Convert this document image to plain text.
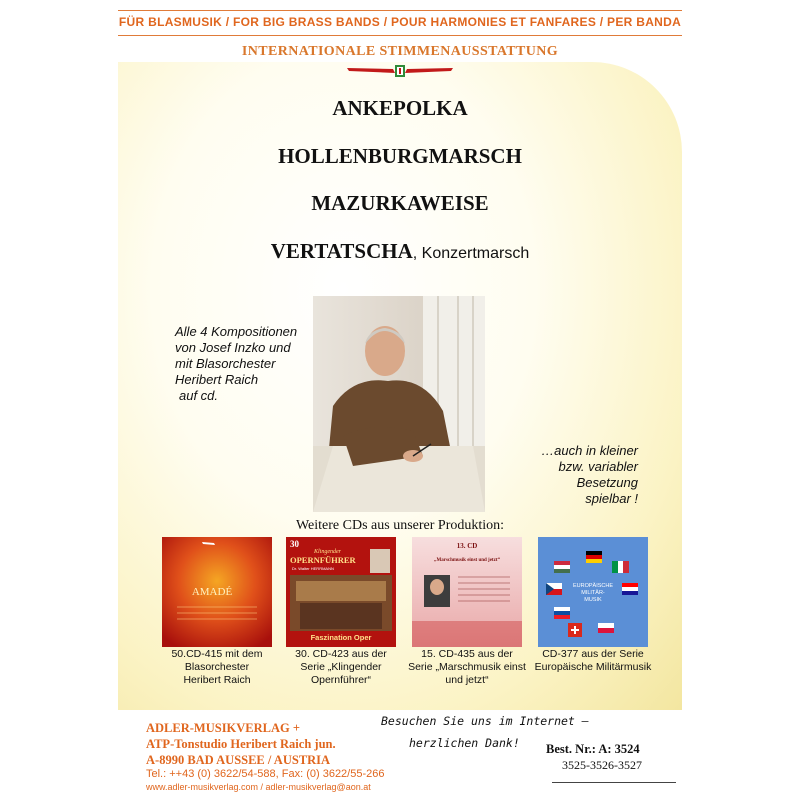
FÜR BLASMUSIK / FOR BIG BRASS BANDS / POUR HARMONIES ET FANFARES / PER BANDA
INTERNATIONALE STIMMENAUSSTATTUNG
ANKEPOLKA
HOLLENBURGMARSCH
MAZURKAWEISE
VERTATSCHA, Konzertmarsch
Alle 4 Kompositionen
von Josef Inzko und
mit Blasorchester
Heribert Raich
auf cd.
…auch in kleiner
bzw. variabler
Besetzung spielbar !
Weitere CDs aus unserer Produktion:
AMADÉ
50.CD-415 mit dem
Blasorchester
Heribert Raich
30
Klingender
OPERNFÜHRER
Dr. Walter HERRMANN
Faszination Oper
30. CD-423 aus der
Serie „Klingender
Opernführer“
13. CD
„Marschmusik einst und jetzt“
15. CD-435 aus der
Serie „Marschmusik einst
und jetzt“
EUROPÄISCHE
MILITÄR-
MUSIK
CD-377 aus der Serie
Europäische Militärmusik
ADLER-MUSIKVERLAG +
ATP-Tonstudio Heribert Raich jun.
A-8990 BAD AUSSEE / AUSTRIA
Tel.: ++43 (0) 3622/54-588, Fax: (0) 3622/55-266
www.adler-musikverlag.com / adler-musikverlag@aon.at
Besuchen Sie uns im Internet –
herzlichen Dank! Best. Nr.: A: 3524
3525-3526-3527
